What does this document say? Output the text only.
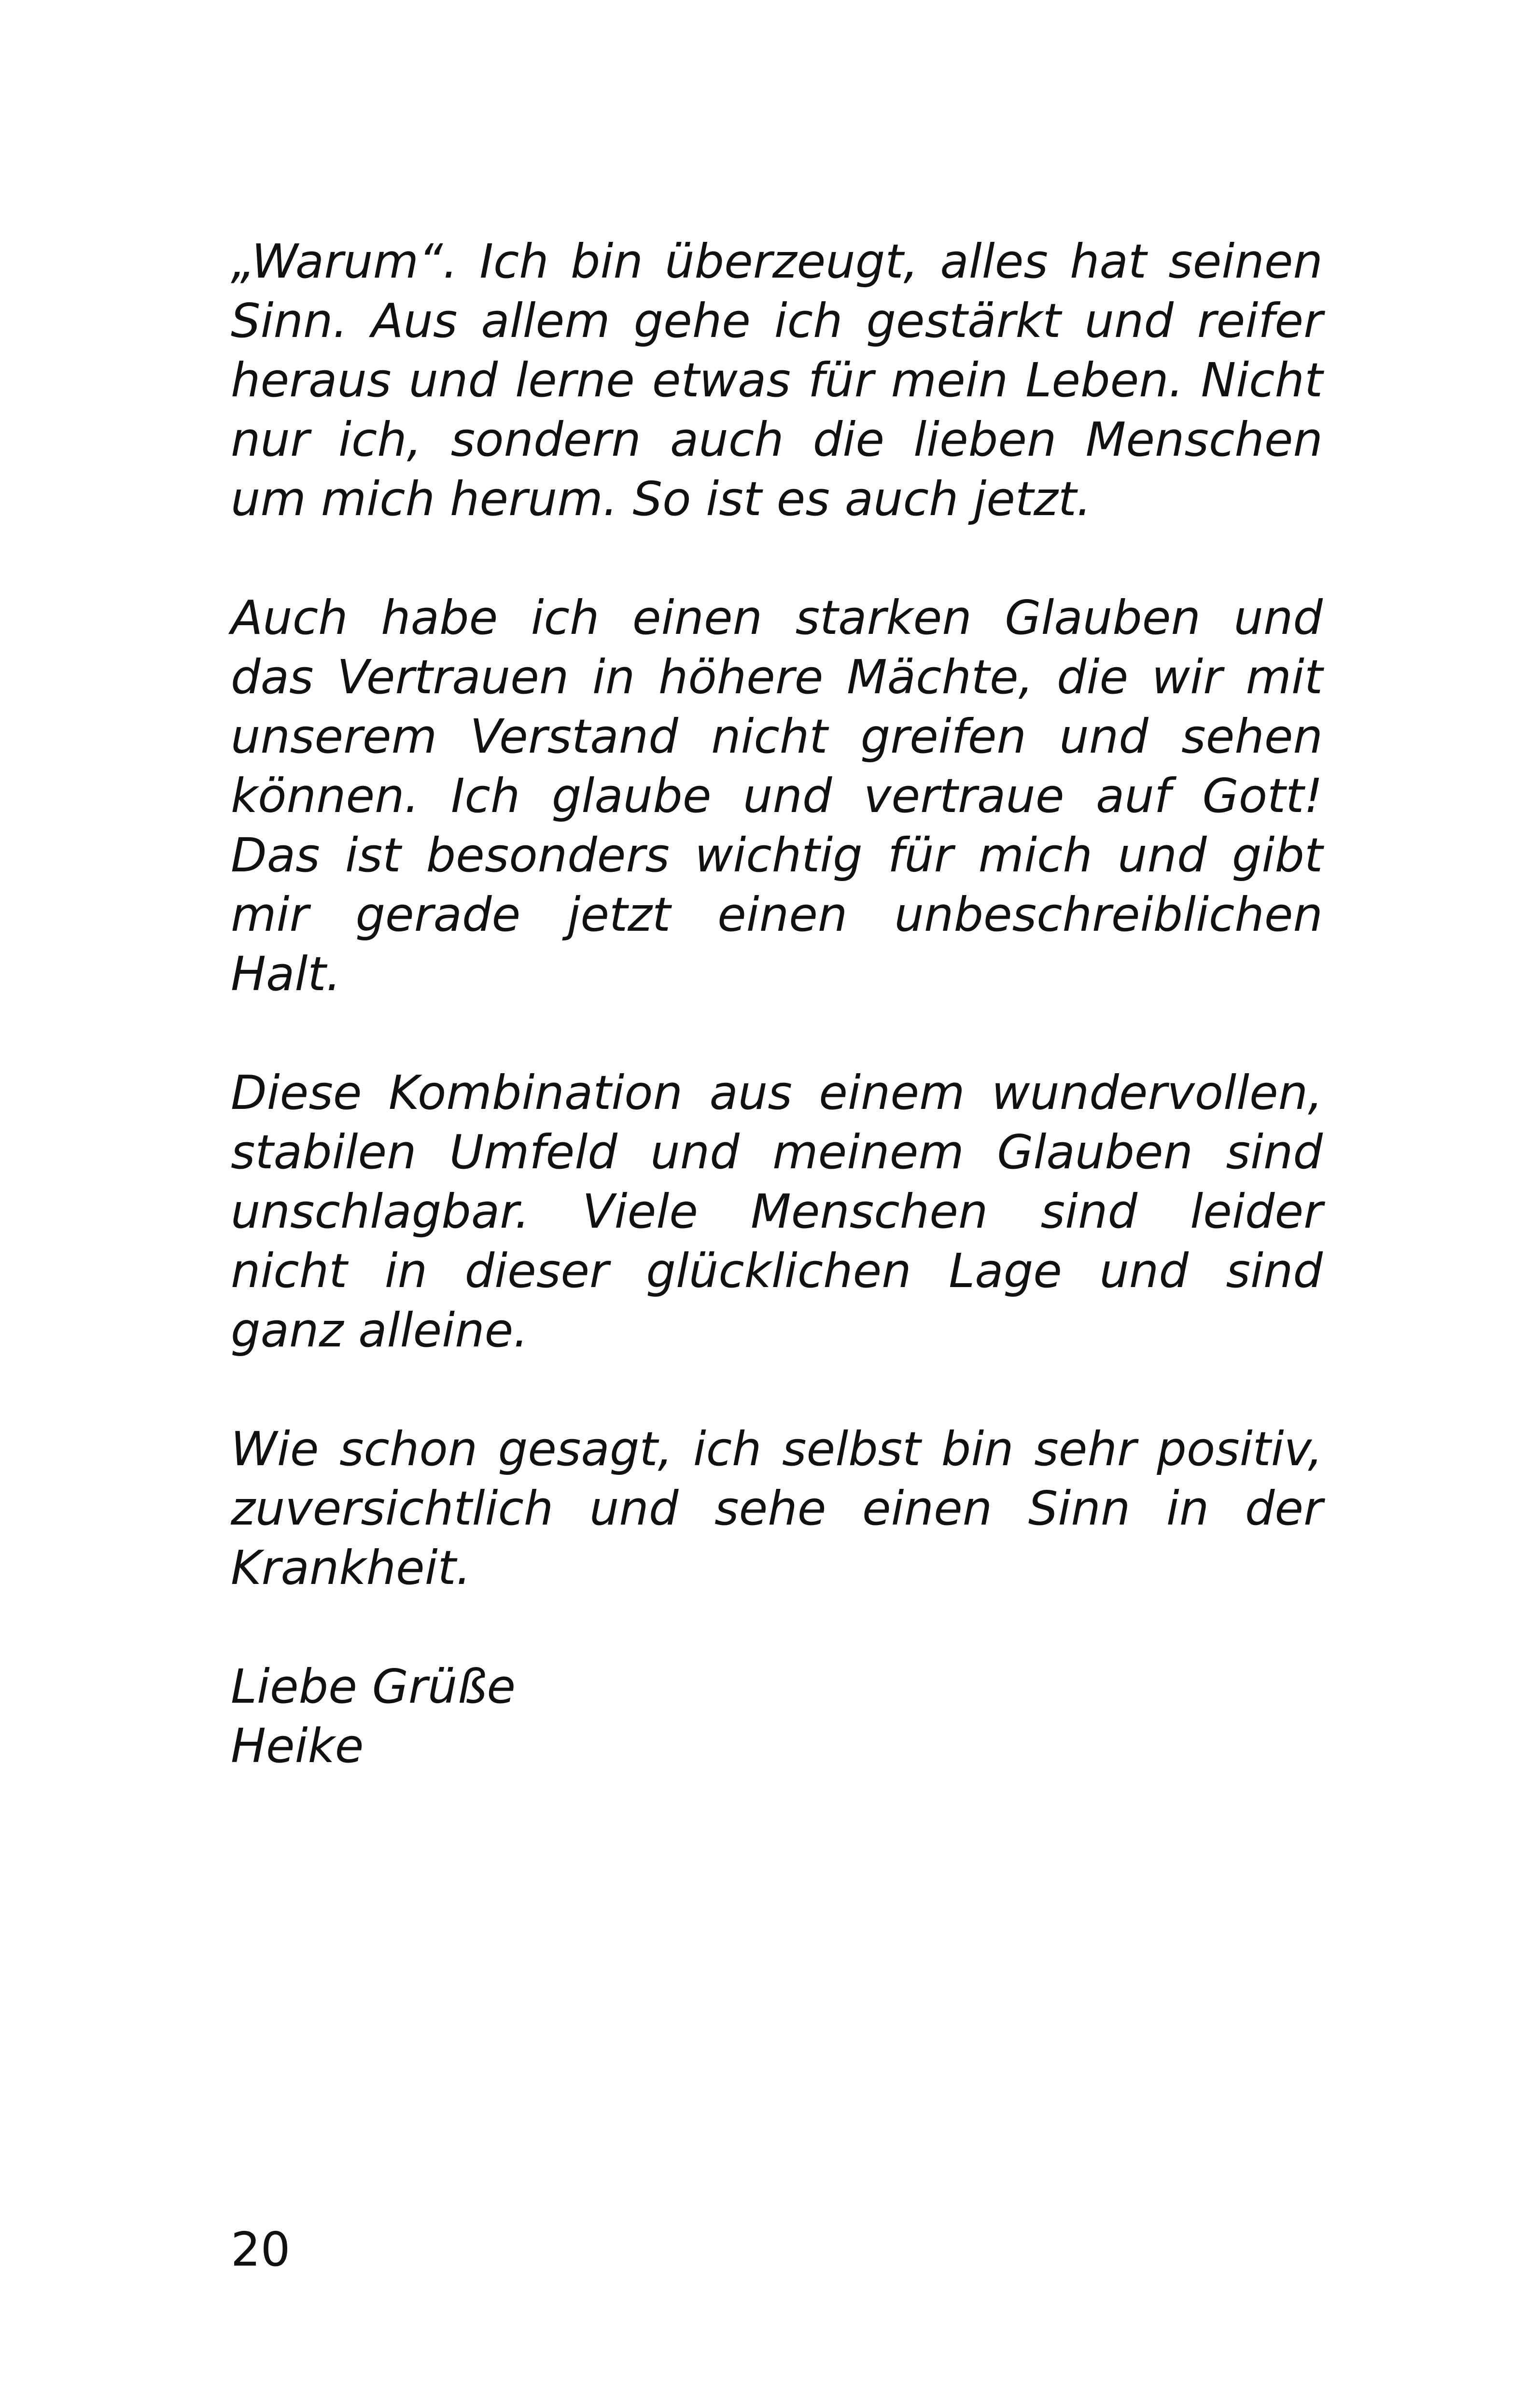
„Warum“. Ich bin überzeugt, alles hat seinen
Sinn. Aus allem gehe ich gestärkt und reifer
heraus und lerne etwas für mein Leben. Nicht
nur ich, sondern auch die lieben Menschen
um mich herum. So ist es auch jetzt.

Auch habe ich einen starken Glauben und
das Vertrauen in höhere Mächte, die wir mit
unserem Verstand nicht greifen und sehen
können. Ich glaube und vertraue auf Gott!
Das ist besonders wichtig für mich und gibt
mir gerade jetzt einen unbeschreiblichen
Halt.

Diese Kombination aus einem wundervollen,
stabilen Umfeld und meinem Glauben sind
unschlagbar. Viele Menschen sind leider
nicht in dieser glücklichen Lage und sind
ganz alleine.

Wie schon gesagt, ich selbst bin sehr positiv,
zuversichtlich und sehe einen Sinn in der
Krankheit.

Liebe Grüße
Heike

20
